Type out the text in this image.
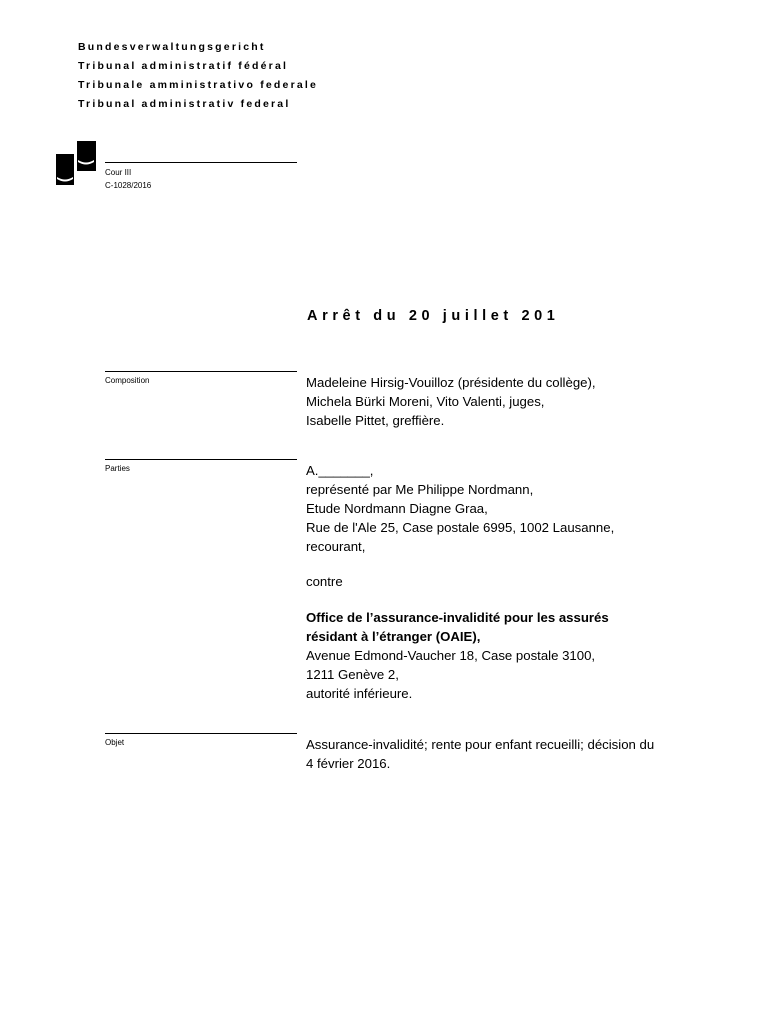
Bundesverwaltungsgericht
Tribunal administratif fédéral
Tribunale amministrativo federale
Tribunal administrativ federal
Cour III
C-1028/2016
Arrêt du 20 juillet 201
Composition	Madeleine Hirsig-Vouilloz (présidente du collège),
Michela Bürki Moreni, Vito Valenti, juges,
Isabelle Pittet, greffière.
Parties	A._______,
représenté par Me Philippe Nordmann,
Etude Nordmann Diagne Graa,
Rue de l'Ale 25, Case postale 6995, 1002 Lausanne,
recourant,
contre
Office de l’assurance-invalidité pour les assurés
résidant à l’étranger (OAIE),
Avenue Edmond-Vaucher 18, Case postale 3100,
1211 Genève 2,
autorité inférieure.
Objet	Assurance-invalidité; rente pour enfant recueilli; décision du
4 février 2016.
